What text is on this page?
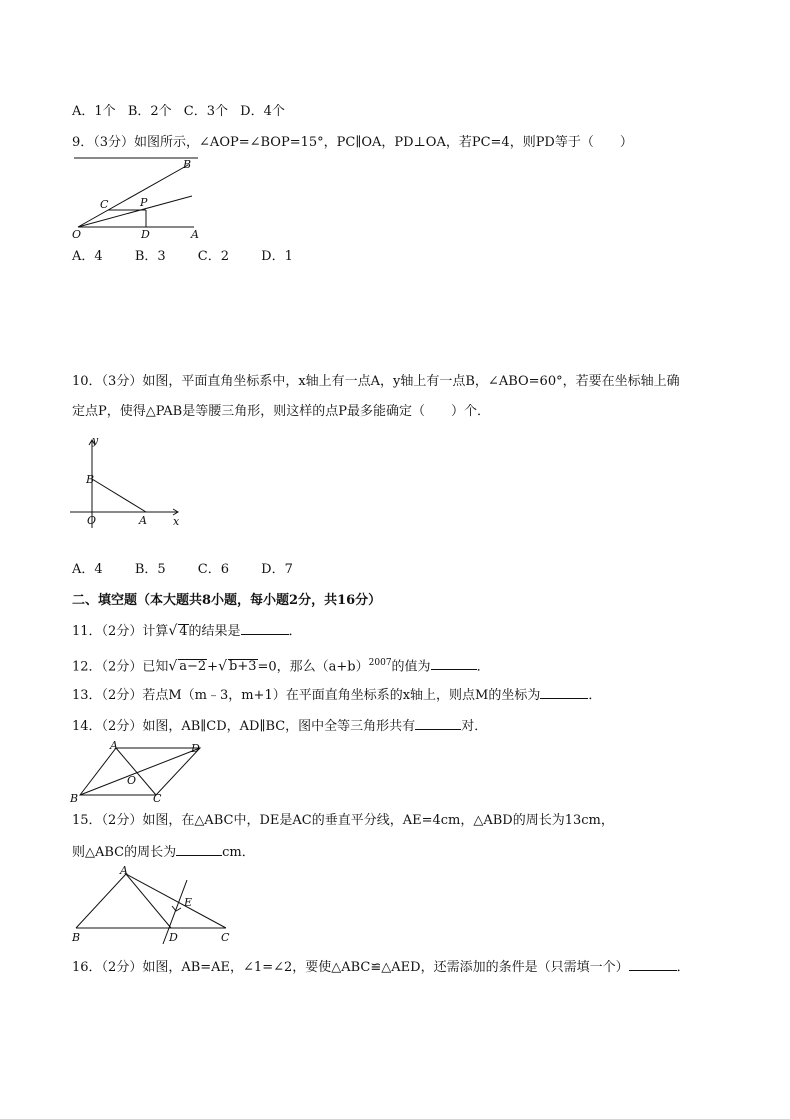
A．1个 B．2个 C．3个 D．4个
9．（3分）如图所示，∠AOP=∠BOP=15°，PC∥OA，PD⊥OA，若PC=4，则PD等于（　　）
B
C	P
O	D	A
A．4 B．3 C．2 D．1
10．（3分）如图，平面直角坐标系中，x轴上有一点A，y轴上有一点B，∠ABO=60°，若要在坐标轴上确
定点P，使得△PAB是等腰三角形，则这样的点P最多能确定（　　）个．
y
B
O	A x
A．4 B．5 C．6 D．7
二、填空题（本大题共8小题，每小题2分，共16分）
11．（2分）计算√ 4的结果是	．
12．（2分）已知√ a−2+√ b+3=0，那么$(a+b)^{2007}$的值为	．
13．（2分）若点M（m﹣3，m+1）在平面直角坐标系的x轴上，则点M的坐标为	．
14．（2分）如图，AB∥CD，AD∥BC，图中全等三角形共有	对．
A	D
O
B	C
15．（2分）如图，在△ABC中，DE是AC的垂直平分线，AE=4cm，△ABD的周长为13cm，
则△ABC的周长为	cm．
A
E
B	D	C
16．（2分）如图，AB=AE，∠1=∠2，要使△ABC≌△AED，还需添加的条件是（只需填一个）	．
